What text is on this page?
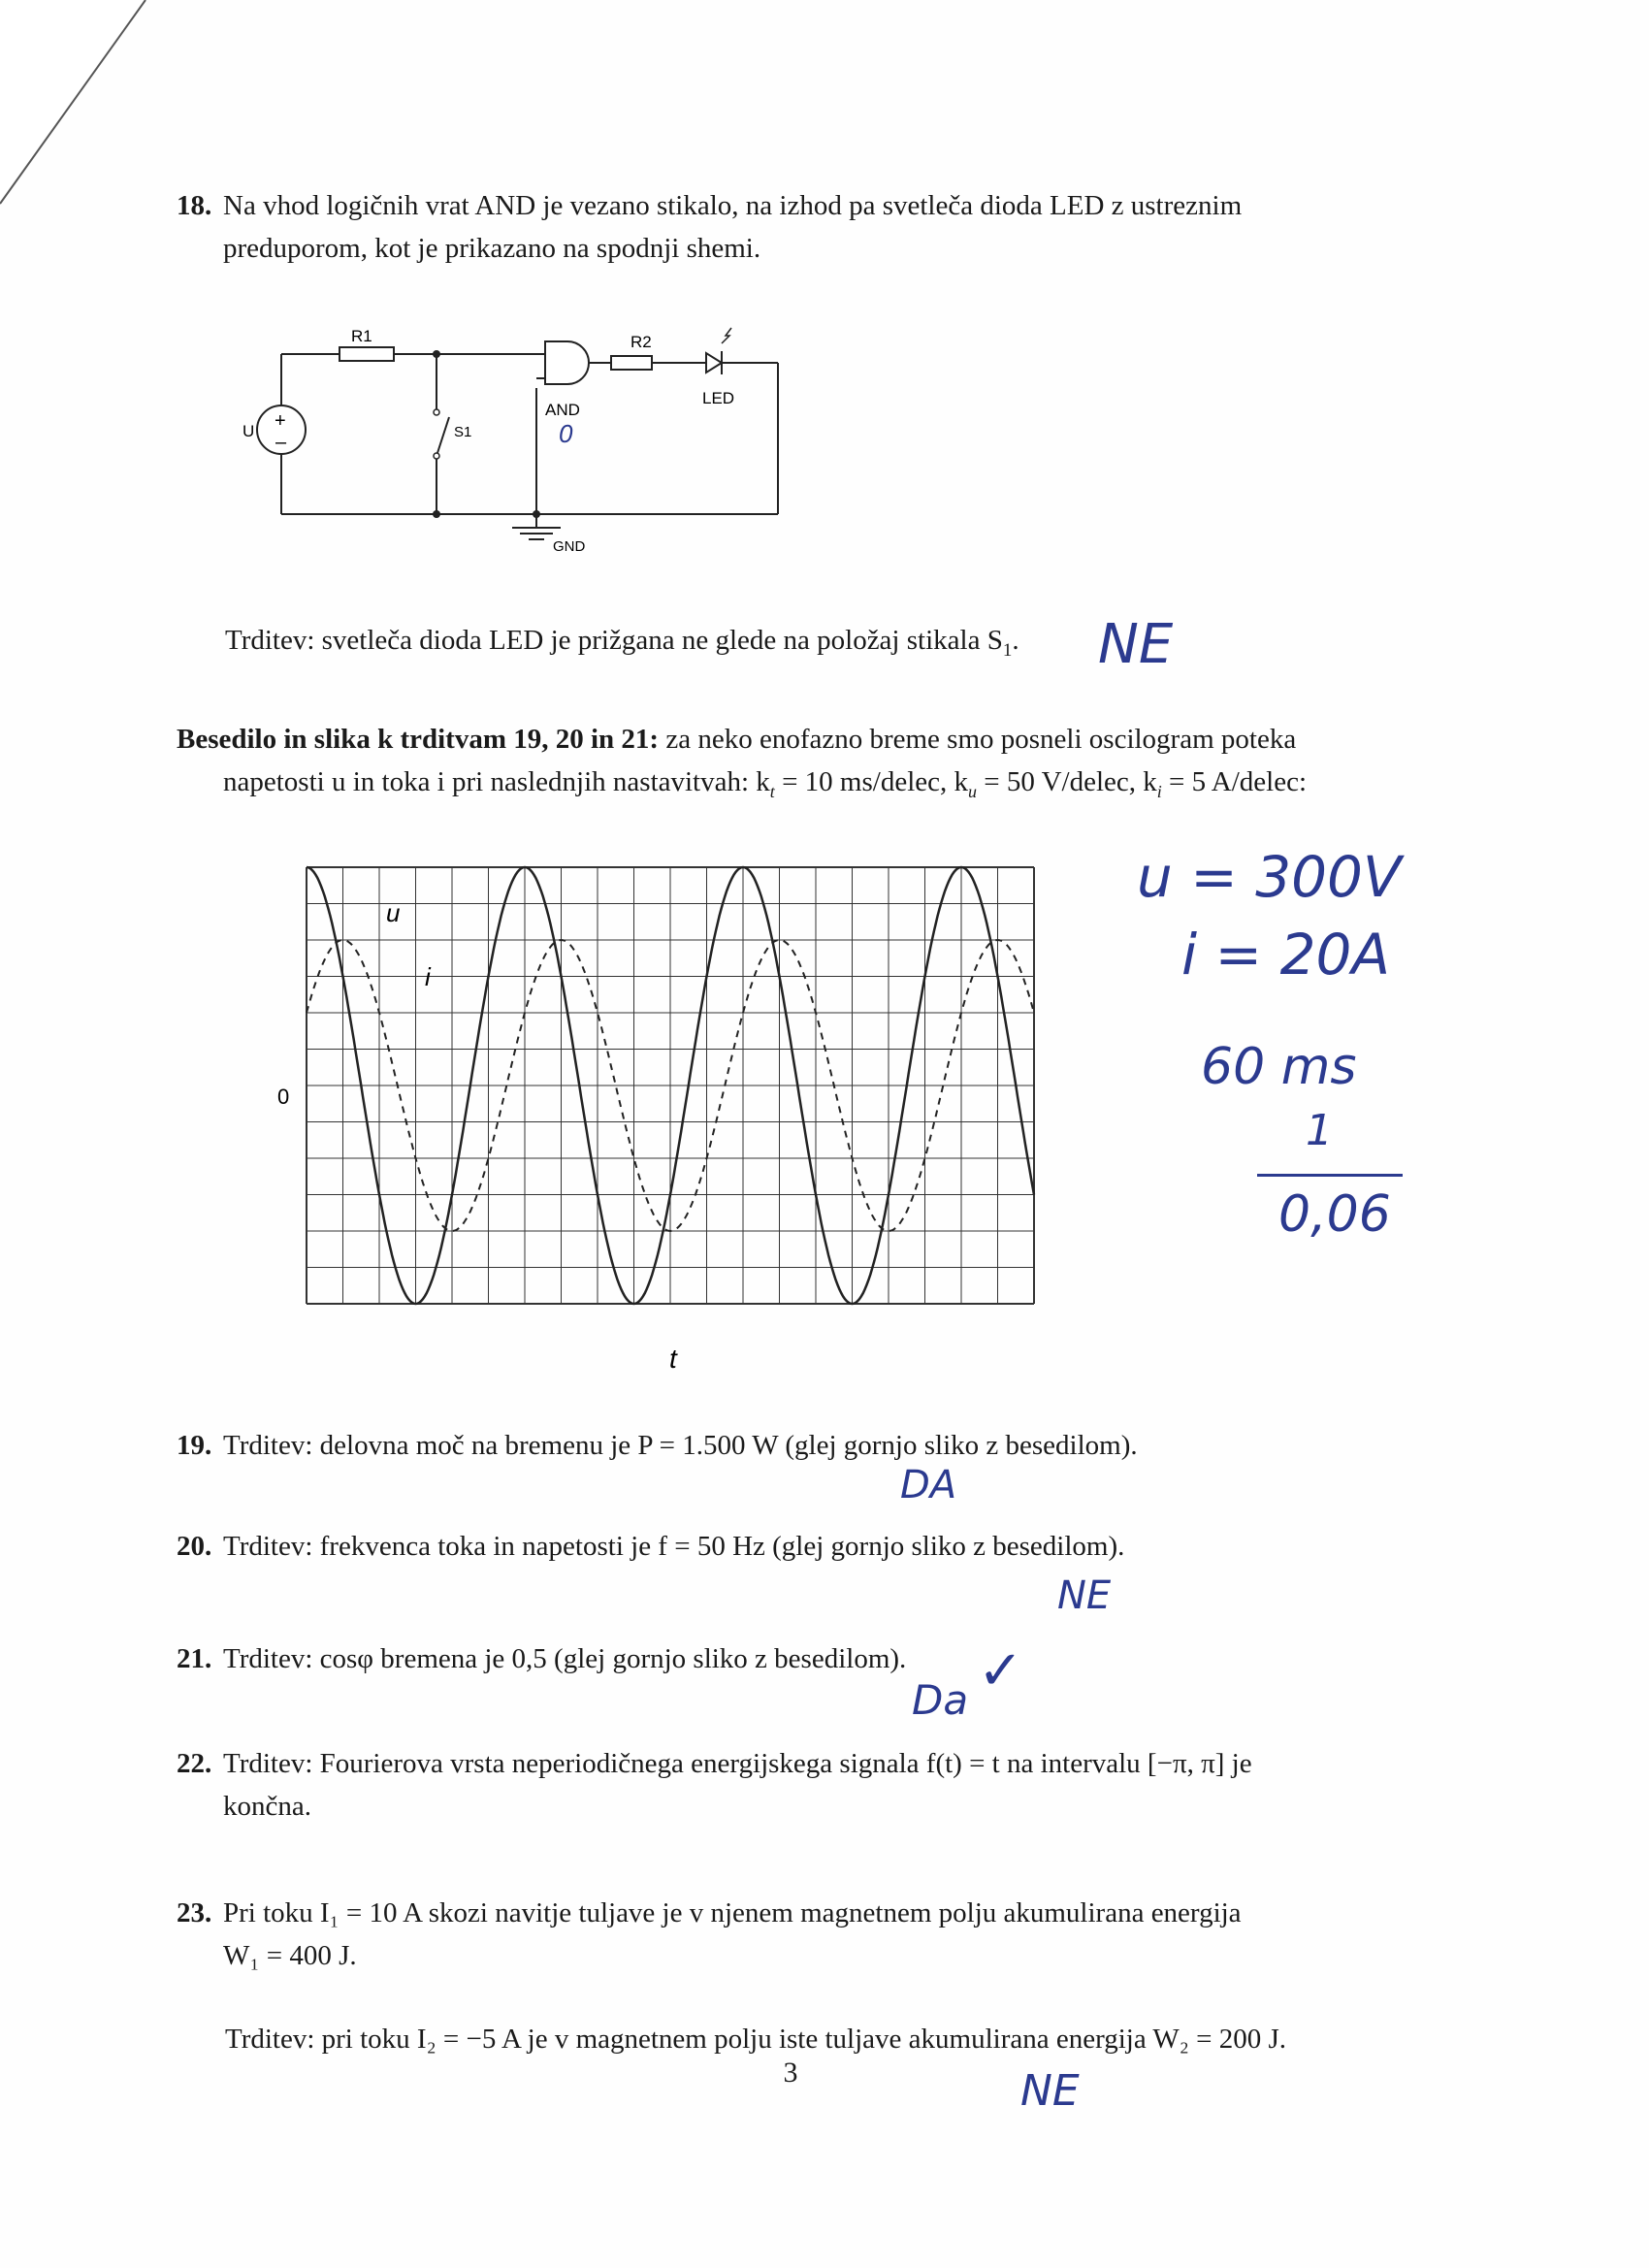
18. Na vhod logičnih vrat AND je vezano stikalo, na izhod pa svetleča dioda LED z ustreznim
preduporom, kot je prikazano na spodnji shemi.
R1	R2
U +
–	S1
AND
LED
GND
0
Trditev: svetleča dioda LED je prižgana ne glede na položaj stikala $S_1$. NE
Besedilo in slika k trditvam 19, 20 in 21: za neko enofazno breme smo posneli oscilogram poteka
napetosti u in toka i pri naslednjih nastavitvah: $k_t = 10$ ms/delec, $k_u = 50$ V/delec, $k_i = 5$ A/delec:
0
t
u
i
u = 300V
i = 20A
60 ms
1
0,06
19. Trditev: delovna moč na bremenu je P = 1.500 W (glej gornjo sliko z besedilom).
DA
20. Trditev: frekvenca toka in napetosti je f = 50 Hz (glej gornjo sliko z besedilom).
NE
21. Trditev: cosφ bremena je 0,5 (glej gornjo sliko z besedilom).
Da ✓
22. Trditev: Fourierova vrsta neperiodičnega energijskega signala f(t) = t na intervalu [−π, π] je
končna.
23. Pri toku I₁ = 10 A skozi navitje tuljave je v njenem magnetnem polju akumulirana energija
W₁ = 400 J.
Trditev: pri toku I₂ = −5 A je v magnetnem polju iste tuljave akumulirana energija W₂ = 200 J.
NE
3
